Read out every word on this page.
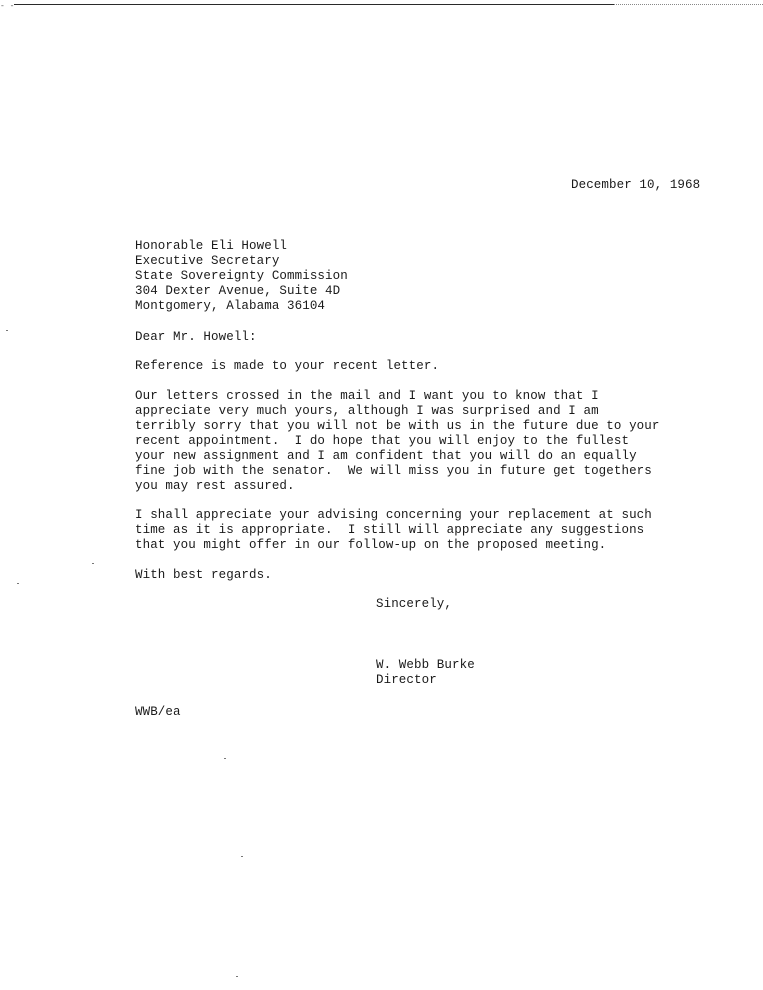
- -
December 10, 1968
Honorable Eli Howell
Executive Secretary
State Sovereignty Commission
304 Dexter Avenue, Suite 4D
Montgomery, Alabama 36104
Dear Mr. Howell:
Reference is made to your recent letter.
Our letters crossed in the mail and I want you to know that I
appreciate very much yours, although I was surprised and I am
terribly sorry that you will not be with us in the future due to your
recent appointment.  I do hope that you will enjoy to the fullest
your new assignment and I am confident that you will do an equally
fine job with the senator.  We will miss you in future get togethers
you may rest assured.
I shall appreciate your advising concerning your replacement at such
time as it is appropriate.  I still will appreciate any suggestions
that you might offer in our follow-up on the proposed meeting.
With best regards.
Sincerely,
W. Webb Burke
Director
WWB/ea
